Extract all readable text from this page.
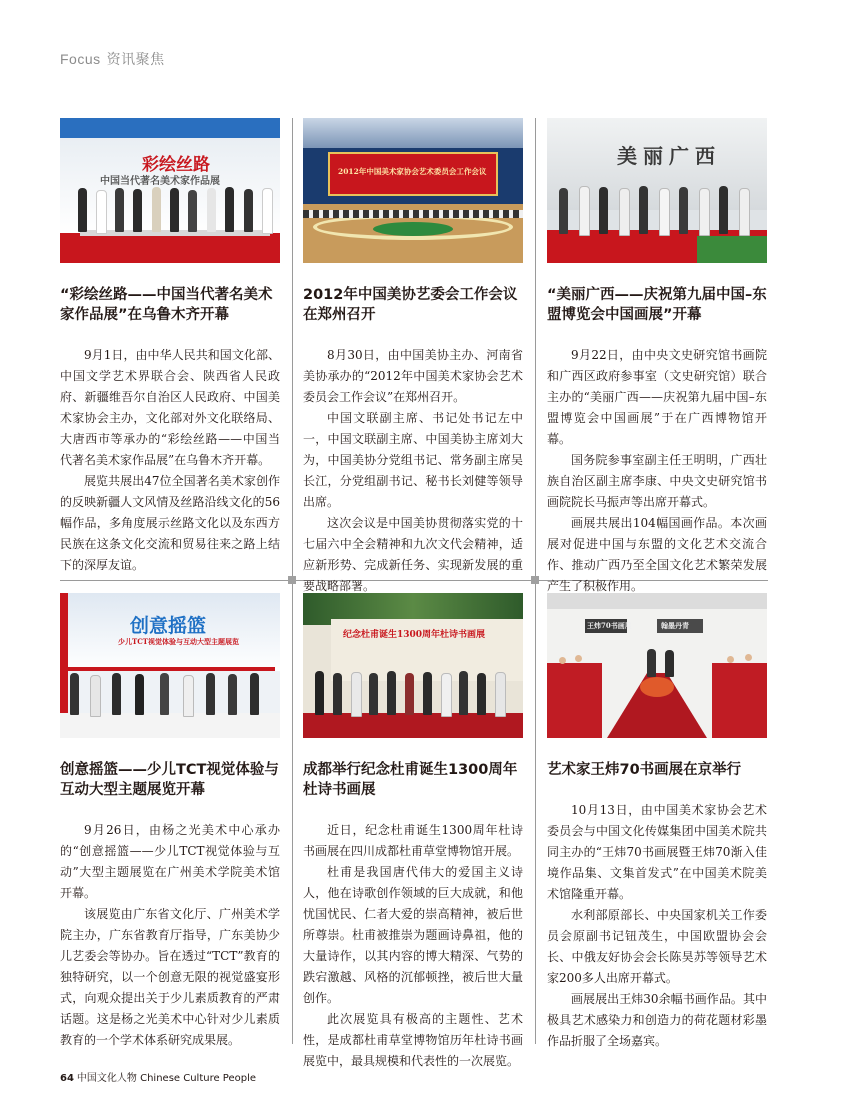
Focus 资讯聚焦
彩绘丝路
中国当代著名美术家作品展
“彩绘丝路——中国当代著名美术家作品展”在乌鲁木齐开幕

9月1日，由中华人民共和国文化部、中国文学艺术界联合会、陕西省人民政府、新疆维吾尔自治区人民政府、中国美术家协会主办，文化部对外文化联络局、大唐西市等承办的“彩绘丝路——中国当代著名美术家作品展”在乌鲁木齐开幕。

展览共展出47位全国著名美术家创作的反映新疆人文风情及丝路沿线文化的56幅作品，多角度展示丝路文化以及东西方民族在这条文化交流和贸易往来之路上结下的深厚友谊。

2012年中国美术家协会艺术委员会工作会议
2012年中国美协艺委会工作会议在郑州召开

8月30日，由中国美协主办、河南省美协承办的“2012年中国美术家协会艺术委员会工作会议”在郑州召开。

中国文联副主席、书记处书记左中一，中国文联副主席、中国美协主席刘大为，中国美协分党组书记、常务副主席吴长江，分党组副书记、秘书长刘健等领导出席。

这次会议是中国美协贯彻落实党的十七届六中全会精神和九次文代会精神，适应新形势、完成新任务、实现新发展的重要战略部署。

美丽广西
“美丽广西——庆祝第九届中国–东盟博览会中国画展”开幕

9月22日，由中央文史研究馆书画院和广西区政府参事室（文史研究馆）联合主办的“美丽广西——庆祝第九届中国–东盟博览会中国画展”于在广西博物馆开幕。

国务院参事室副主任王明明，广西壮族自治区副主席李康、中央文史研究馆书画院院长马振声等出席开幕式。

画展共展出104幅国画作品。本次画展对促进中国与东盟的文化艺术交流合作、推动广西乃至全国文化艺术繁荣发展产生了积极作用。

创意摇篮
少儿TCT视觉体验与互动大型主题展览
创意摇篮——少儿TCT视觉体验与互动大型主题展览开幕

9月26日，由杨之光美术中心承办的“创意摇篮——少儿TCT视觉体验与互动”大型主题展览在广州美术学院美术馆开幕。

该展览由广东省文化厅、广州美术学院主办，广东省教育厅指导，广东美协少儿艺委会等协办。旨在透过“TCT”教育的独特研究，以一个创意无限的视觉盛宴形式，向观众提出关于少儿素质教育的严肃话题。这是杨之光美术中心针对少儿素质教育的一个学术体系研究成果展。

纪念杜甫诞生1300周年杜诗书画展
成都举行纪念杜甫诞生1300周年杜诗书画展

近日，纪念杜甫诞生1300周年杜诗书画展在四川成都杜甫草堂博物馆开展。

杜甫是我国唐代伟大的爱国主义诗人，他在诗歌创作领域的巨大成就，和他忧国忧民、仁者大爱的崇高精神，被后世所尊崇。杜甫被推崇为题画诗鼻祖，他的大量诗作，以其内容的博大精深、气势的跌宕激越、风格的沉郁顿挫，被后世大量创作。

此次展览具有极高的主题性、艺术性，是成都杜甫草堂博物馆历年杜诗书画展览中，最具规模和代表性的一次展览。

王炜70书画展	翰墨丹青
艺术家王炜70书画展在京举行

10月13日，由中国美术家协会艺术委员会与中国文化传媒集团中国美术院共同主办的“王炜70书画展暨王炜70渐入佳境作品集、文集首发式”在中国美术院美术馆隆重开幕。

水利部原部长、中央国家机关工作委员会原副书记钮茂生，中国欧盟协会会长、中俄友好协会会长陈昊苏等领导艺术家200多人出席开幕式。

画展展出王炜30余幅书画作品。其中极具艺术感染力和创造力的荷花题材彩墨作品折服了全场嘉宾。

64 中国文化人物 Chinese Culture People
